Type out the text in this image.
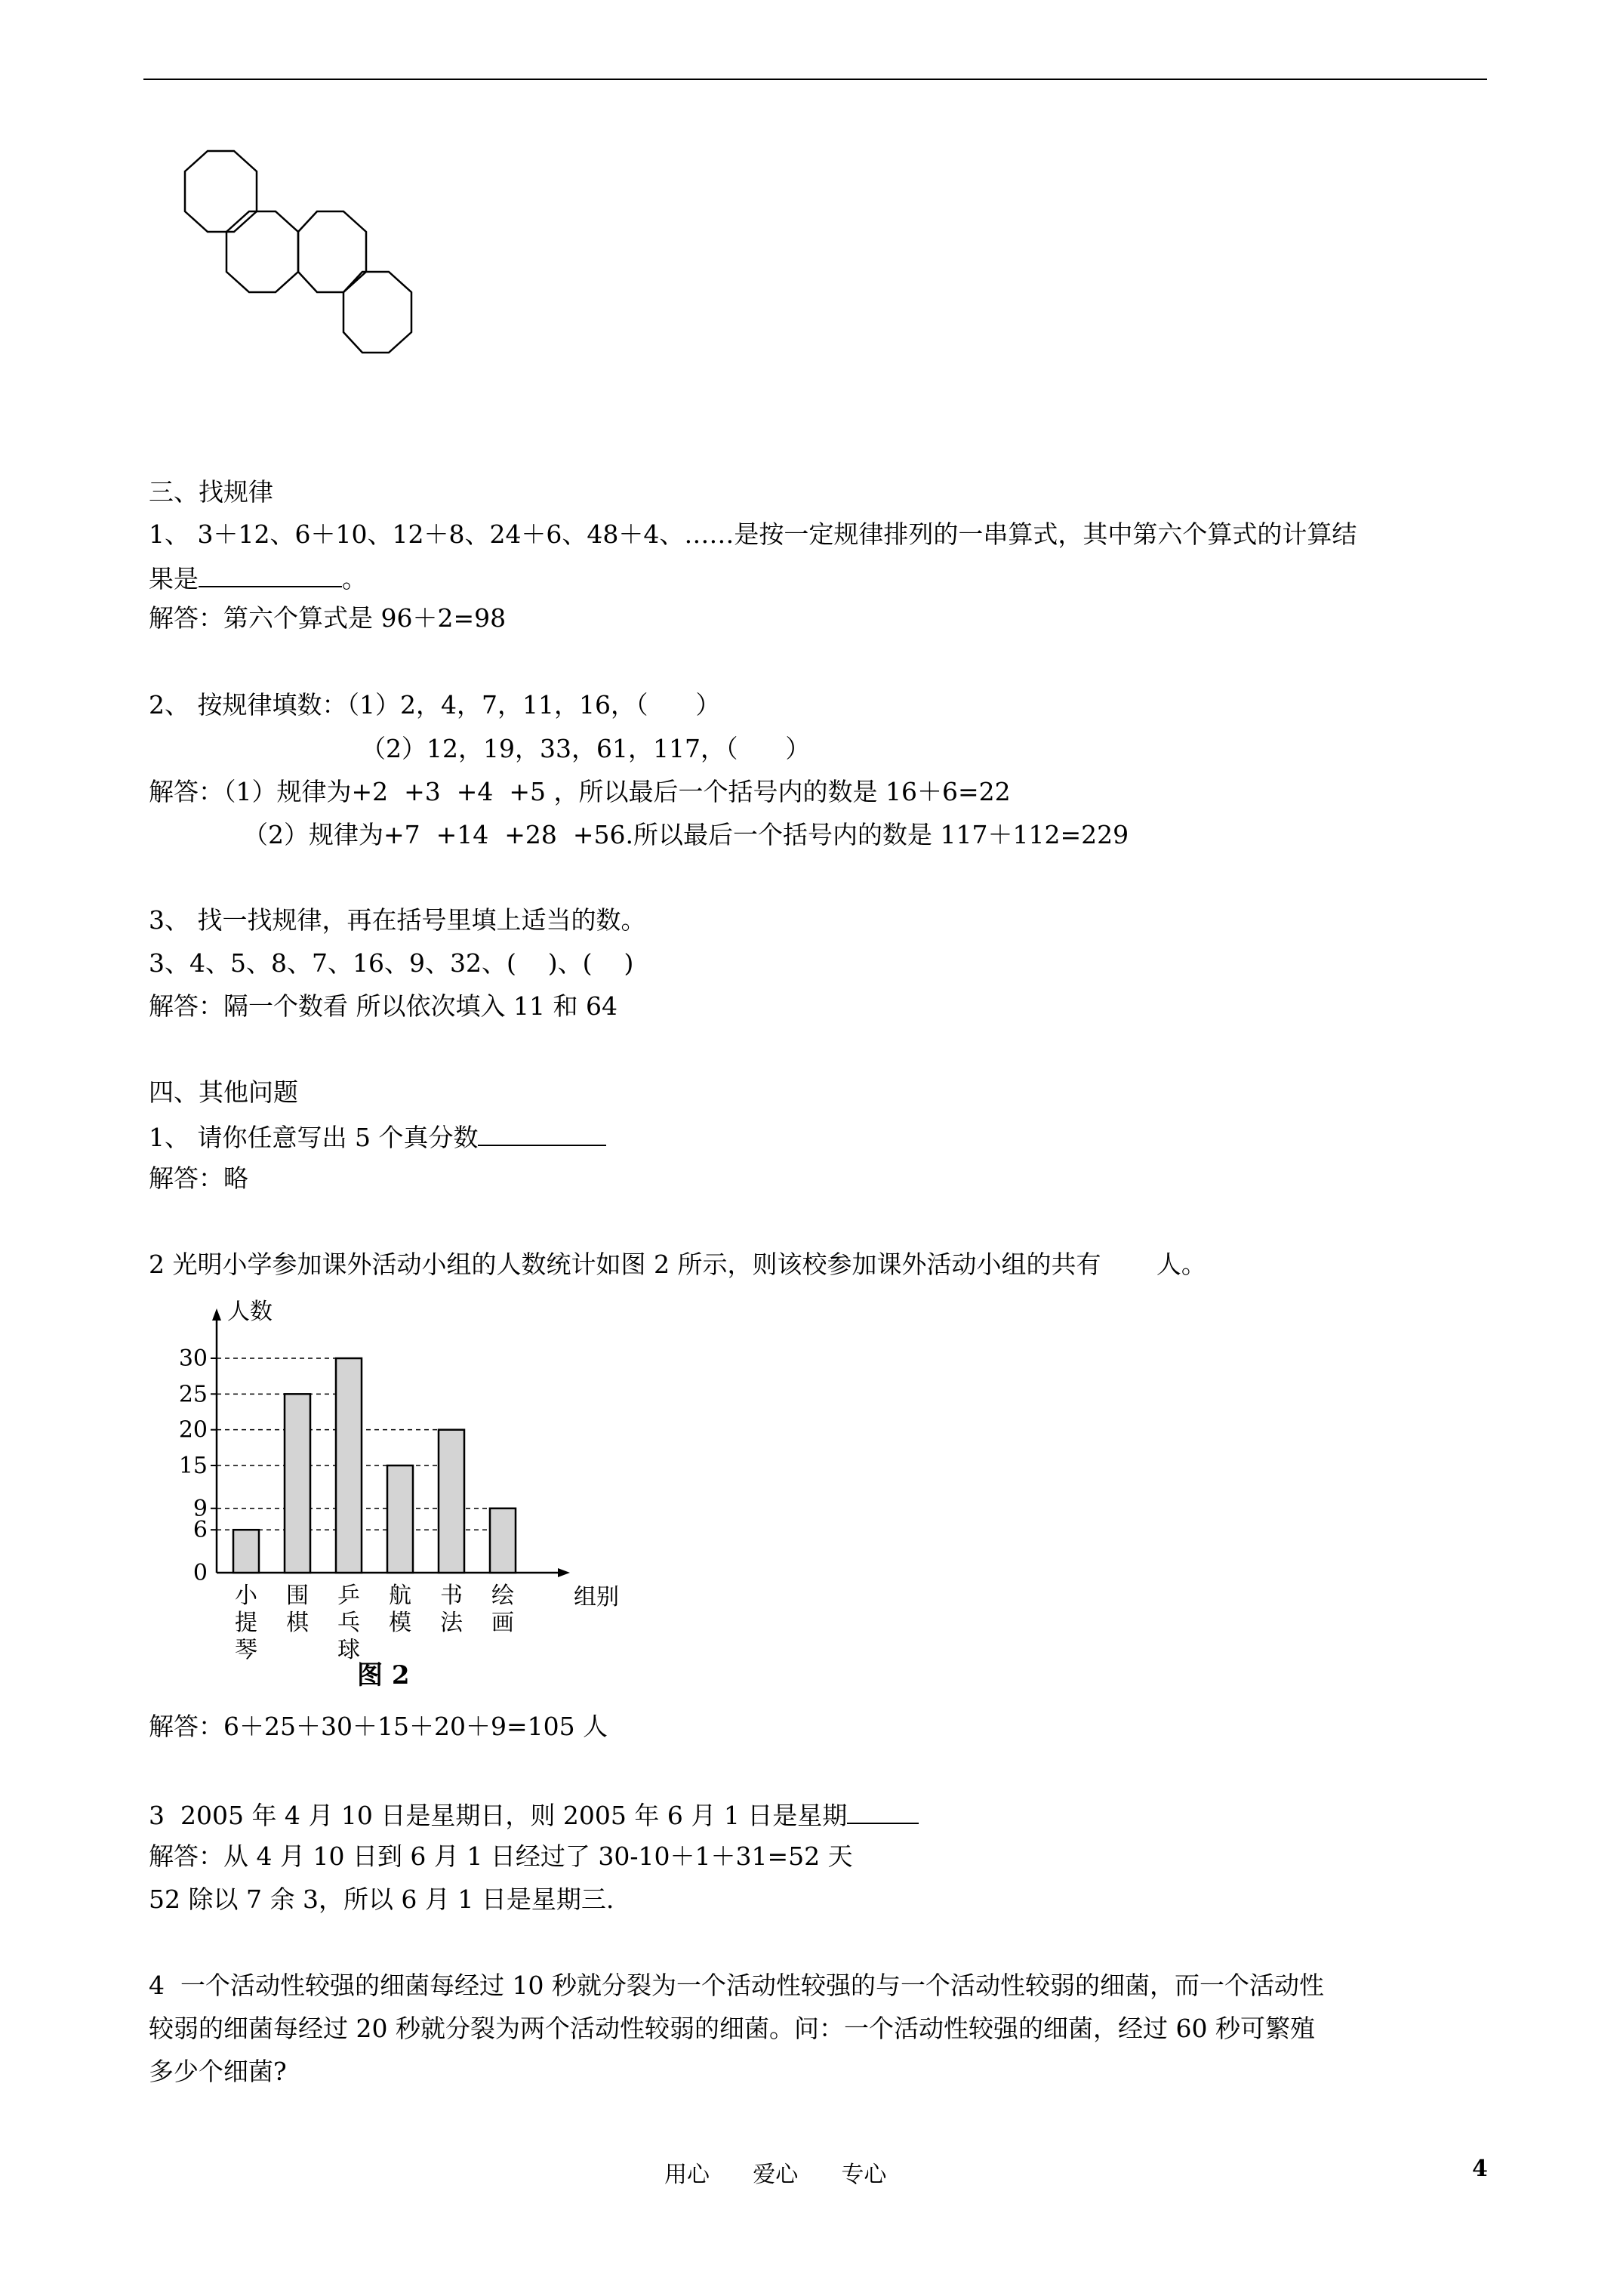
三、找规律
1、 3＋12、6＋10、12＋8、24＋6、48＋4、……是按一定规律排列的一串算式，其中第六个算式的计算结
果是	。
解答：第六个算式是 96＋2=98
2、 按规律填数：（1）2，4，7，11，16，（      ）
（2）12，19，33，61，117，（      ）
解答：（1）规律为+2  +3  +4  +5 ，所以最后一个括号内的数是 16＋6=22
（2）规律为+7  +14  +28  +56.所以最后一个括号内的数是 117＋112=229
3、 找一找规律，再在括号里填上适当的数。
3、4、5、8、7、16、9、32、(    )、(    )
解答：隔一个数看 所以依次填入 11 和 64
四、其他问题
1、 请你任意写出 5 个真分数
解答：略
2 光明小学参加课外活动小组的人数统计如图 2 所示，则该校参加课外活动小组的共有       人。
人数
组别
0
6
9
15
20
25
30
小
提
琴
围
棋
乒
乓
球
航
模
书
法
绘
画
图 2
解答：6＋25＋30＋15＋20＋9=105 人
3  2005 年 4 月 10 日是星期日，则 2005 年 6 月 1 日是星期
解答：从 4 月 10 日到 6 月 1 日经过了 30-10＋1＋31=52 天
52 除以 7 余 3，所以 6 月 1 日是星期三.
4  一个活动性较强的细菌每经过 10 秒就分裂为一个活动性较强的与一个活动性较弱的细菌，而一个活动性
较弱的细菌每经过 20 秒就分裂为两个活动性较弱的细菌。问：一个活动性较强的细菌，经过 60 秒可繁殖
多少个细菌?
用心      爱心      专心	4
